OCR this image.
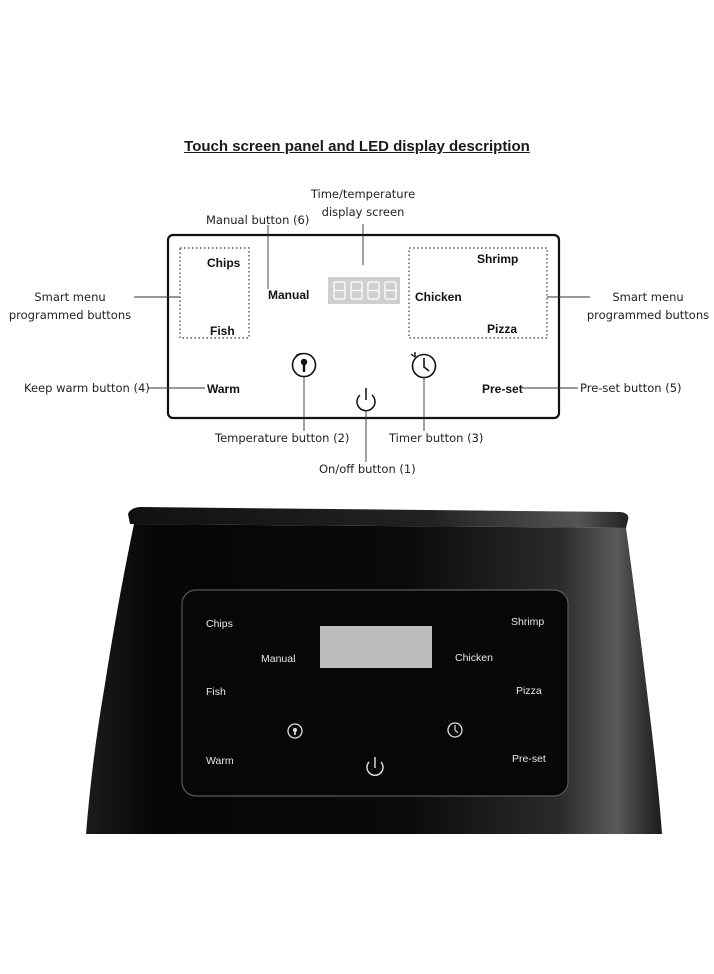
Touch screen panel and LED display description
Time/temperature
display screen
Manual button (6)
Smart menu
programmed buttons
Smart menu
programmed buttons
Keep warm button (4)	Pre-set button (5)
Temperature button (2)	Timer button (3)
On/off button (1)
Chips
Fish
Manual	Chicken
Shrimp
Pizza
Warm	Pre-set
Chips
Fish
Manual	Chicken
Shrimp
Pizza
Warm	Pre-set
